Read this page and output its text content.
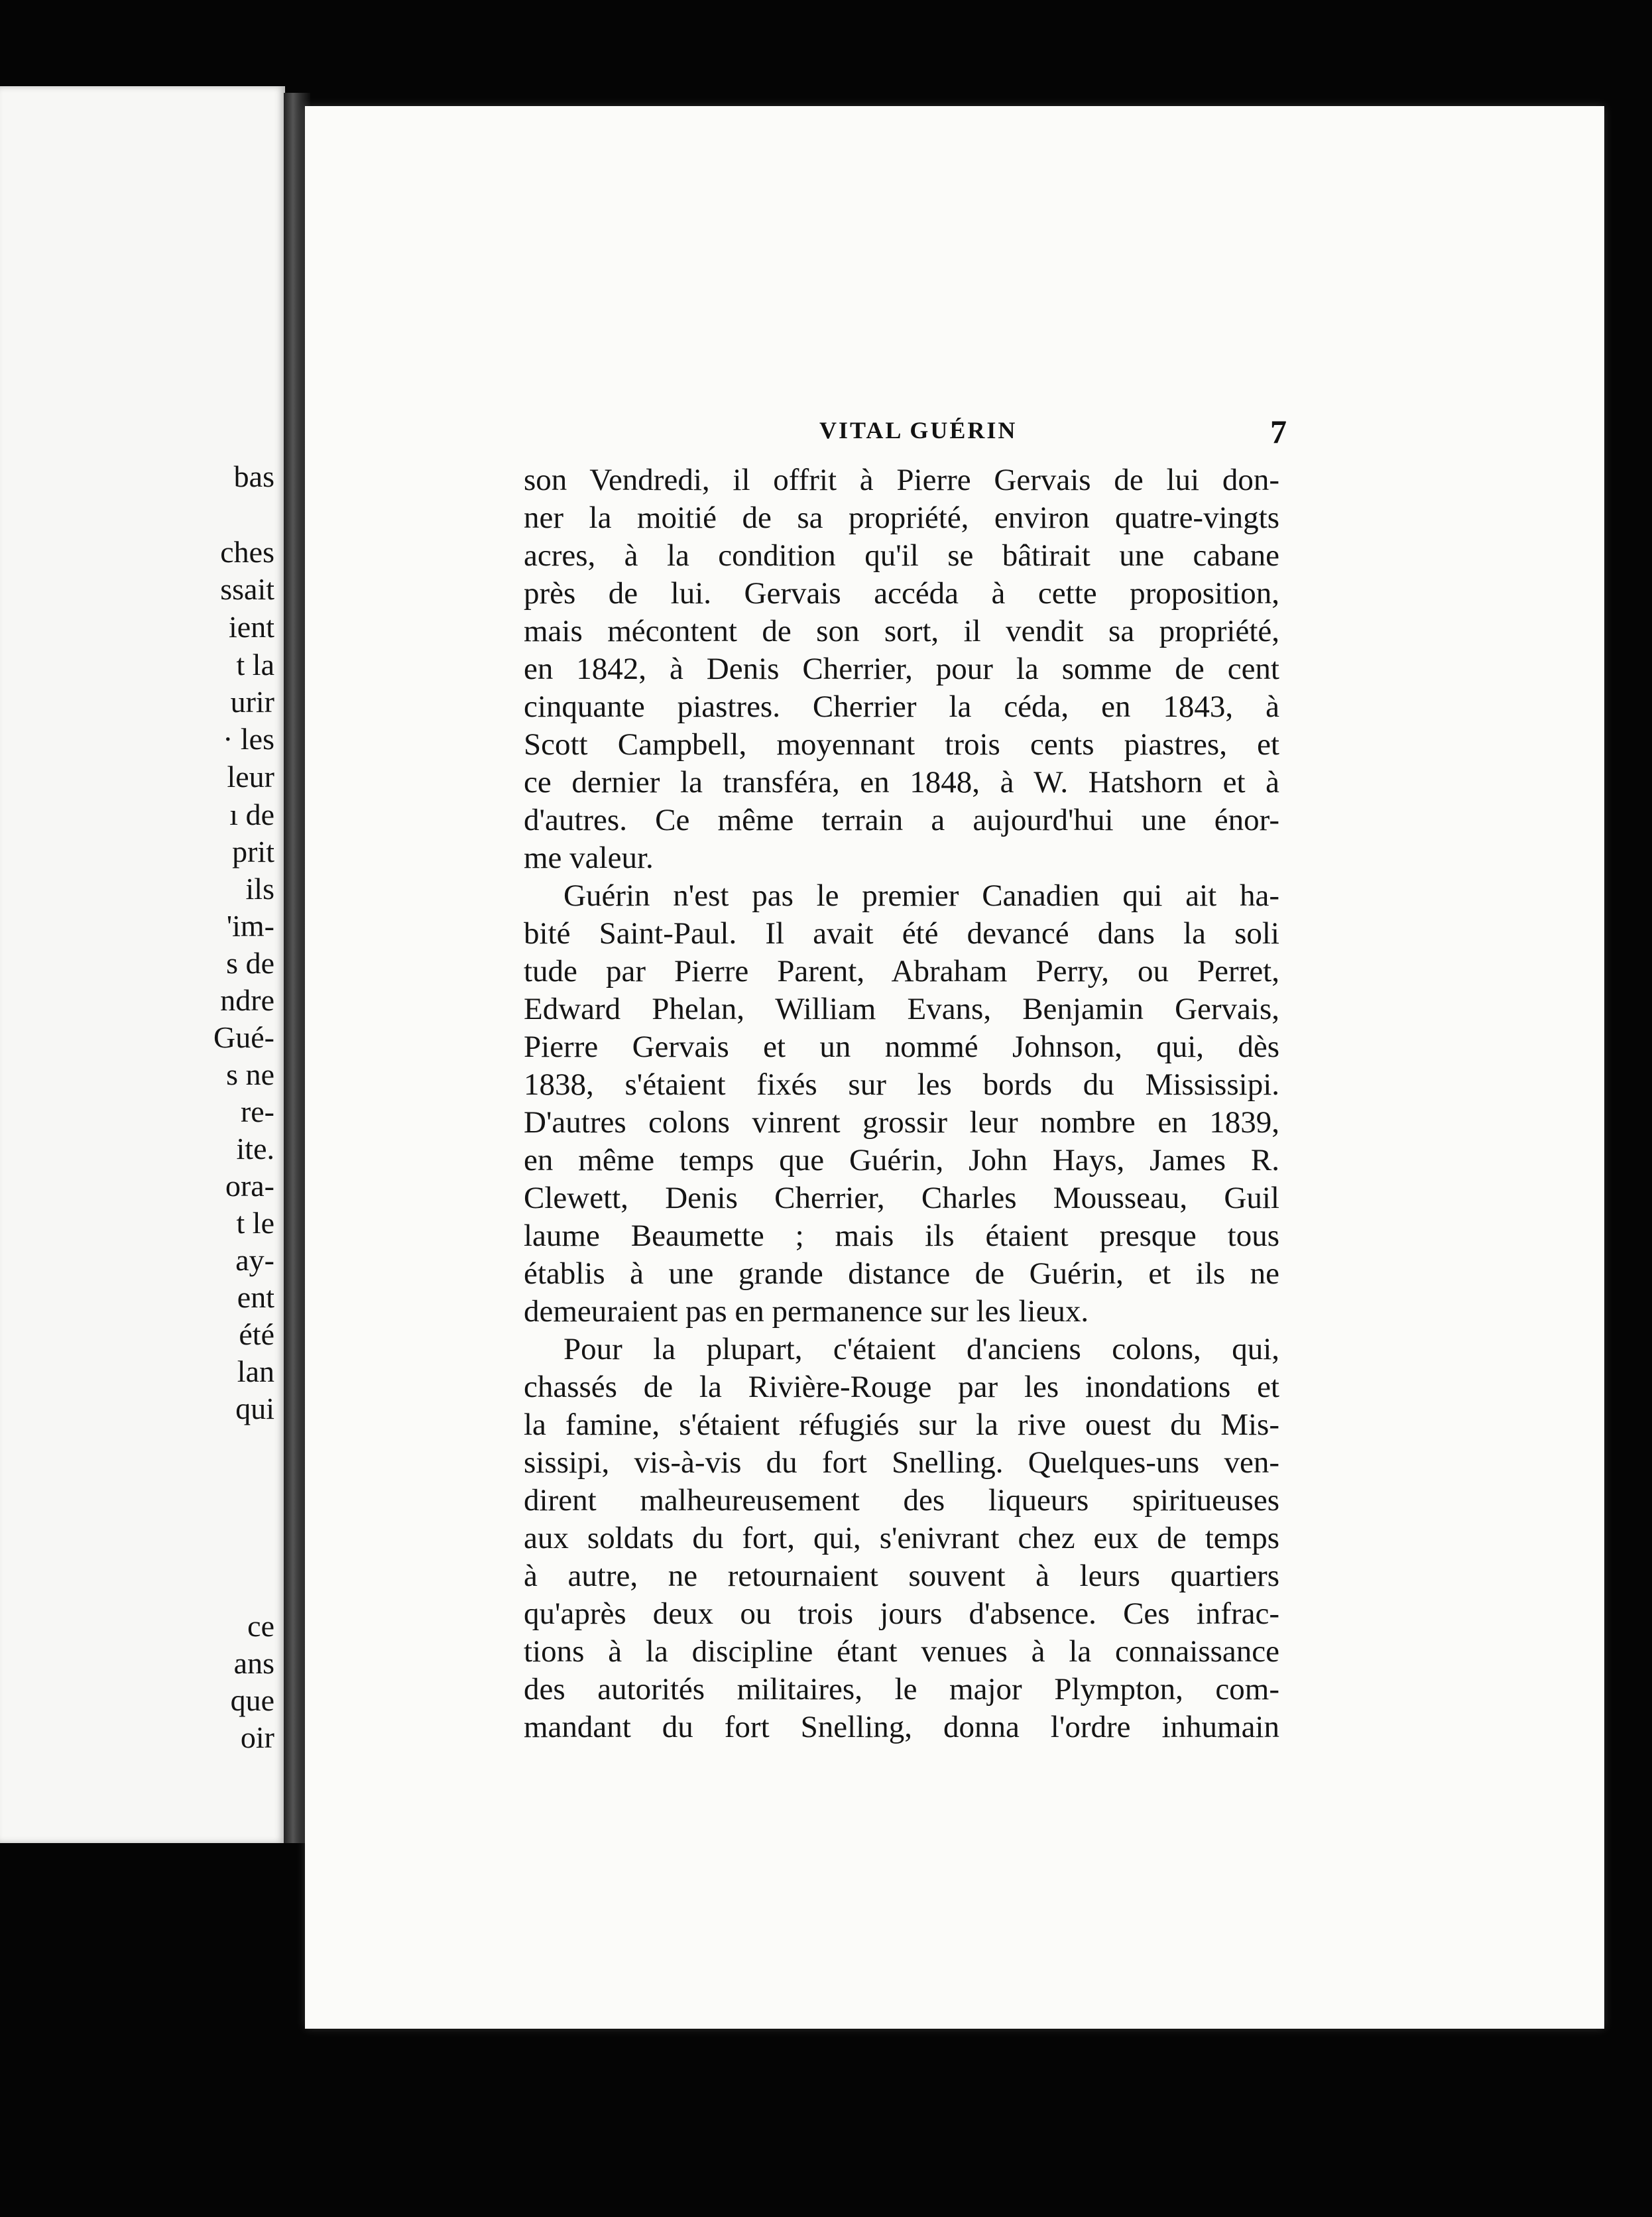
bas
ches
ssait
ient
t la
urir
· les
leur
ı de
prit
ils
'im-
s de
ndre
Gué-
s ne
re-
ite.
ora-
t le
ay-
ent
été
lan
qui
ce
ans
que
oir
VITAL GUÉRIN	7
son Vendredi, il offrit à Pierre Gervais de lui don-
ner la moitié de sa propriété, environ quatre-vingts
acres, à la condition qu'il se bâtirait une cabane
près de lui. Gervais accéda à cette proposition,
mais mécontent de son sort, il vendit sa propriété,
en 1842, à Denis Cherrier, pour la somme de cent
cinquante piastres. Cherrier la céda, en 1843, à
Scott Campbell, moyennant trois cents piastres, et
ce dernier la transféra, en 1848, à W. Hatshorn et à
d'autres. Ce même terrain a aujourd'hui une énor-
me valeur.
Guérin n'est pas le premier Canadien qui ait ha-
bité Saint-Paul. Il avait été devancé dans la soli
tude par Pierre Parent, Abraham Perry, ou Perret,
Edward Phelan, William Evans, Benjamin Gervais,
Pierre Gervais et un nommé Johnson, qui, dès
1838, s'étaient fixés sur les bords du Mississipi.
D'autres colons vinrent grossir leur nombre en 1839,
en même temps que Guérin, John Hays, James R.
Clewett, Denis Cherrier, Charles Mousseau, Guil
laume Beaumette ; mais ils étaient presque tous
établis à une grande distance de Guérin, et ils ne
demeuraient pas en permanence sur les lieux.
Pour la plupart, c'étaient d'anciens colons, qui,
chassés de la Rivière-Rouge par les inondations et
la famine, s'étaient réfugiés sur la rive ouest du Mis-
sissipi, vis-à-vis du fort Snelling. Quelques-uns ven-
dirent malheureusement des liqueurs spiritueuses
aux soldats du fort, qui, s'enivrant chez eux de temps
à autre, ne retournaient souvent à leurs quartiers
qu'après deux ou trois jours d'absence. Ces infrac-
tions à la discipline étant venues à la connaissance
des autorités militaires, le major Plympton, com-
mandant du fort Snelling, donna l'ordre inhumain
